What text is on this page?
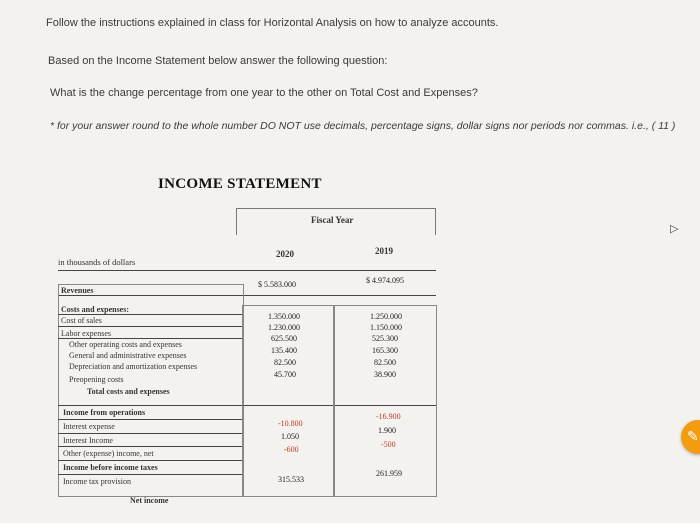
Follow the instructions explained in class for Horizontal Analysis on how to analyze accounts.
Based on the Income Statement below answer the following question:
What is the change percentage from one year to the other on Total Cost and Expenses?
* for your answer round to the whole number DO NOT use decimals, percentage signs, dollar signs nor periods nor commas. i.e., ( 11 )
INCOME STATEMENT
Fiscal Year
2020	2019
in thousands of dollars
$ 5.583.000	$ 4.974.095
Revenues
Costs and expenses:
Cost of sales
Labor expenses
Other operating costs and expenses
General and administrative expenses
Depreciation and amortization expenses
Preopening costs
Total costs and expenses
Income from operations
Interest expense
Interest Income
Other (expense) income, net
Income before income taxes
Income tax provision
Net income
1.350.000
1.230.000
625.500
135.400
82.500
45.700
1.250.000
1.150.000
525.300
165.300
82.500
38.900
-10.800
1.050
-600
-16.900
1.900
-500
315.533
261.959
▷
✎
